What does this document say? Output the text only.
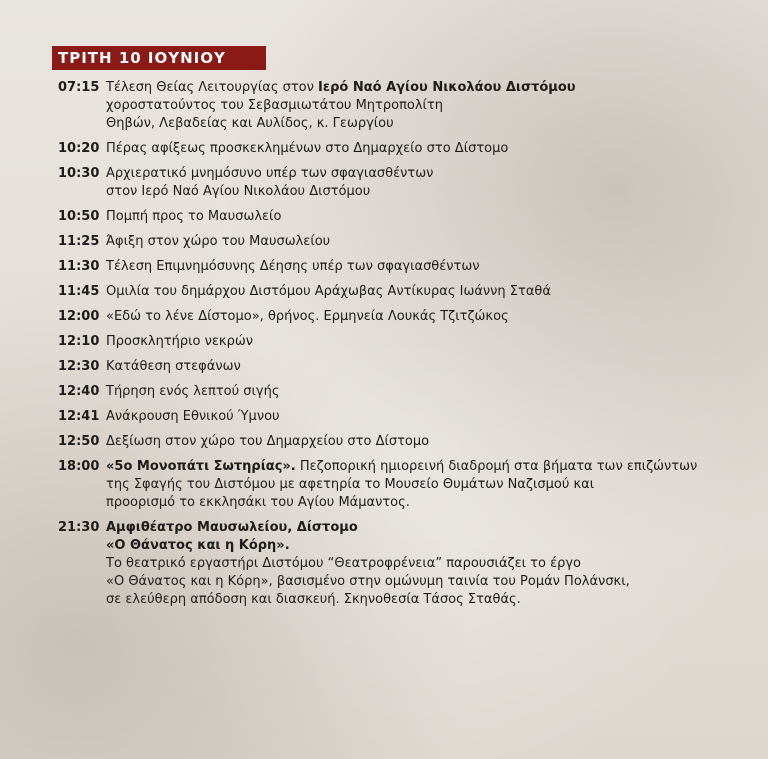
ΤΡΙΤΗ 10 ΙΟΥΝΙΟΥ
07:15 Τέλεση Θείας Λειτουργίας στον Ιερό Ναό Αγίου Νικολάου Διστόμου
χοροστατούντος του Σεβασμιωτάτου Μητροπολίτη
Θηβών, Λεβαδείας και Αυλίδος, κ. Γεωργίου
10:20 Πέρας αφίξεως προσκεκλημένων στο Δημαρχείο στο Δίστομο
10:30 Αρχιερατικό μνημόσυνο υπέρ των σφαγιασθέντων
στον Ιερό Ναό Αγίου Νικολάου Διστόμου
10:50 Πομπή προς το Μαυσωλείο
11:25 Άφιξη στον χώρο του Μαυσωλείου
11:30 Τέλεση Επιμνημόσυνης Δέησης υπέρ των σφαγιασθέντων
11:45 Ομιλία του δημάρχου Διστόμου Αράχωβας Αντίκυρας Ιωάννη Σταθά
12:00 «Εδώ το λένε Δίστομο», θρήνος. Ερμηνεία Λουκάς Τζιτζώκος
12:10 Προσκλητήριο νεκρών
12:30 Κατάθεση στεφάνων
12:40 Τήρηση ενός λεπτού σιγής
12:41 Ανάκρουση Εθνικού Ύμνου
12:50 Δεξίωση στον χώρο του Δημαρχείου στο Δίστομο
18:00 «5ο Μονοπάτι Σωτηρίας». Πεζοπορική ημιορεινή διαδρομή στα βήματα των επιζώντων
της Σφαγής του Διστόμου με αφετηρία το Μουσείο Θυμάτων Ναζισμού και
προορισμό το εκκλησάκι του Αγίου Μάμαντος.
21:30 Αμφιθέατρο Μαυσωλείου, Δίστομο
«Ο Θάνατος και η Κόρη».
Το θεατρικό εργαστήρι Διστόμου “Θεατροφρένεια” παρουσιάζει το έργο
«Ο Θάνατος και η Κόρη», βασισμένο στην ομώνυμη ταινία του Ρομάν Πολάνσκι,
σε ελεύθερη απόδοση και διασκευή. Σκηνοθεσία Τάσος Σταθάς.
